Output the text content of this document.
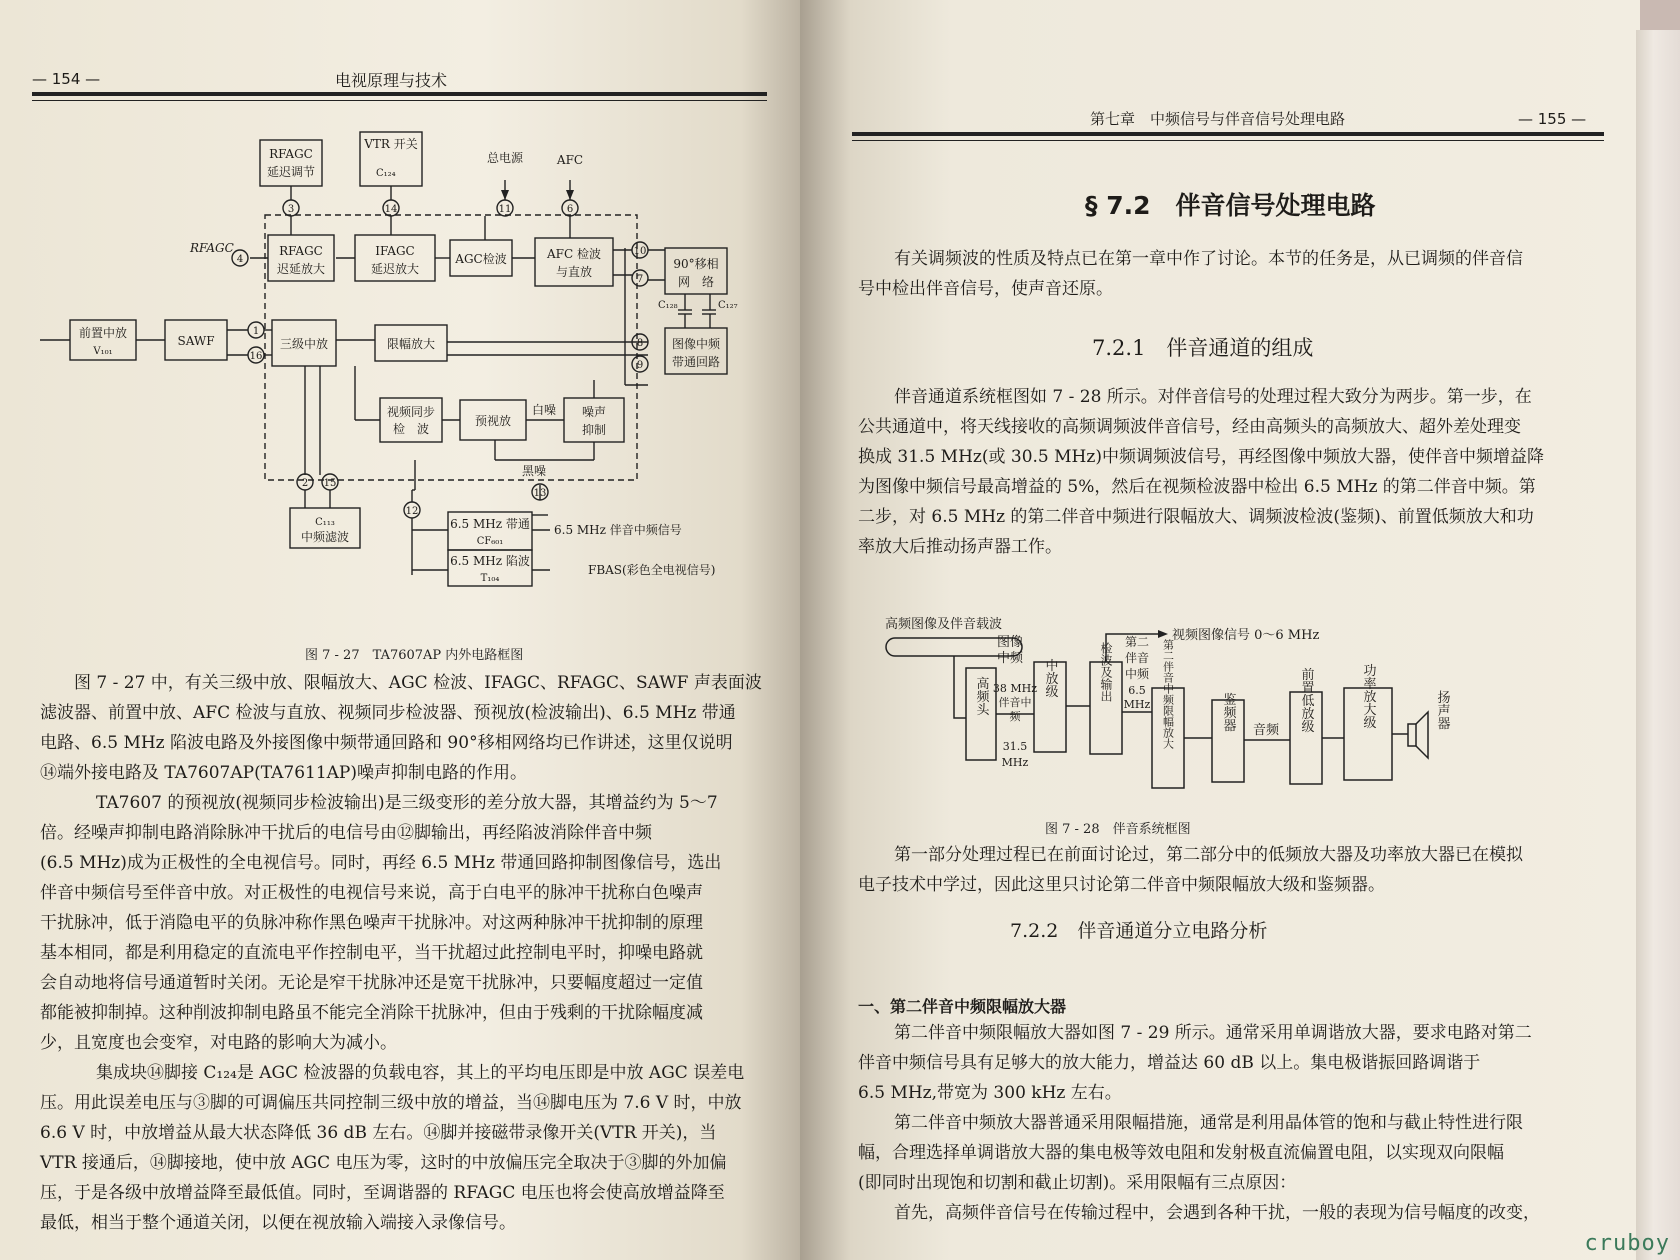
— 154 —	电视原理与技术
RFAGC
延迟调节
VTR 开关
C₁₂₄
总电源	AFC
RFAGC	RFAGC
迟延放大
IFAGC
延迟放大
AGC检波	AFC 检波
与直放
90°移相
网　络
C₁₂₈	C₁₂₇
前置中放
V₁₀₁
SAWF	三级中放	限幅放大	图像中频
带通回路
视频同步
检　波
预视放
白噪 噪声
抑制
黑噪
C₁₁₃
中频滤波
6.5 MHz 带通
CF₆₀₁
6.5 MHz 陷波
T₁₀₄
6.5 MHz 伴音中频信号
FBAS(彩色全电视信号)
1
2
3
4
6
7
8
9
10
11
12
13
14
15
16
图 7 - 27　TA7607AP 内外电路框图
图 7 - 27 中，有关三级中放、限幅放大、AGC 检波、IFAGC、RFAGC、SAWF 声表面波
滤波器、前置中放、AFC 检波与直放、视频同步检波器、预视放(检波输出)、6.5 MHz 带通
电路、6.5 MHz 陷波电路及外接图像中频带通回路和 90°移相网络均已作讲述，这里仅说明
⑭端外接电路及 TA7607AP(TA7611AP)噪声抑制电路的作用。
TA7607 的预视放(视频同步检波输出)是三级变形的差分放大器，其增益约为 5～7
倍。经噪声抑制电路消除脉冲干扰后的电信号由⑫脚输出，再经陷波消除伴音中频
(6.5 MHz)成为正极性的全电视信号。同时，再经 6.5 MHz 带通回路抑制图像信号，选出
伴音中频信号至伴音中放。对正极性的电视信号来说，高于白电平的脉冲干扰称白色噪声
干扰脉冲，低于消隐电平的负脉冲称作黑色噪声干扰脉冲。对这两种脉冲干扰抑制的原理
基本相同，都是利用稳定的直流电平作控制电平，当干扰超过此控制电平时，抑噪电路就
会自动地将信号通道暂时关闭。无论是窄干扰脉冲还是宽干扰脉冲，只要幅度超过一定值
都能被抑制掉。这种削波抑制电路虽不能完全消除干扰脉冲，但由于残剩的干扰除幅度减
少，且宽度也会变窄，对电路的影响大为减小。
集成块⑭脚接 C₁₂₄是 AGC 检波器的负载电容，其上的平均电压即是中放 AGC 误差电
压。用此误差电压与③脚的可调偏压共同控制三级中放的增益，当⑭脚电压为 7.6 V 时，中放
6.6 V 时，中放增益从最大状态降低 36 dB 左右。⑭脚并接磁带录像开关(VTR 开关)，当
VTR 接通后，⑭脚接地，使中放 AGC 电压为零，这时的中放偏压完全取决于③脚的外加偏
压，于是各级中放增益降至最低值。同时，至调谐器的 RFAGC 电压也将会使高放增益降至
最低，相当于整个通道关闭，以便在视放输入端接入录像信号。
第七章　中频信号与伴音信号处理电路	— 155 —
§ 7.2　伴音信号处理电路
有关调频波的性质及特点已在第一章中作了讨论。本节的任务是，从已调频的伴音信
号中检出伴音信号，使声音还原。
7.2.1　伴音通道的组成
伴音通道系统框图如 7 - 28 所示。对伴音信号的处理过程大致分为两步。第一步，在
公共通道中，将天线接收的高频调频波伴音信号，经由高频头的高频放大、超外差处理变
换成 31.5 MHz(或 30.5 MHz)中频调频波信号，再经图像中频放大器，使伴音中频增益降
为图像中频信号最高增益的 5%，然后在视频检波器中检出 6.5 MHz 的第二伴音中频。第
二步，对 6.5 MHz 的第二伴音中频进行限幅放大、调频波检波(鉴频)、前置低频放大和功
率放大后推动扬声器工作。
高频图像及伴音载波
视频图像信号 0～6 MHz
高频头
图像
中频
38 MHz
伴音中
频
31.5
MHz
中放级	检波及输出 第二
伴音
中频
6.5
MHz 第二伴音中频限幅放大	鉴频器 音频 前置低放级	功率放大级	扬声器
图 7 - 28　伴音系统框图
第一部分处理过程已在前面讨论过，第二部分中的低频放大器及功率放大器已在模拟
电子技术中学过，因此这里只讨论第二伴音中频限幅放大级和鉴频器。
7.2.2　伴音通道分立电路分析
一、第二伴音中频限幅放大器
第二伴音中频限幅放大器如图 7 - 29 所示。通常采用单调谐放大器，要求电路对第二
伴音中频信号具有足够大的放大能力，增益达 60 dB 以上。集电极谐振回路调谐于
6.5 MHz,带宽为 300 kHz 左右。
第二伴音中频放大器普通采用限幅措施，通常是利用晶体管的饱和与截止特性进行限
幅，合理选择单调谐放大器的集电极等效电阻和发射极直流偏置电阻，以实现双向限幅
(即同时出现饱和切割和截止切割)。采用限幅有三点原因：
首先，高频伴音信号在传输过程中，会遇到各种干扰，一般的表现为信号幅度的改变，
cruboy
